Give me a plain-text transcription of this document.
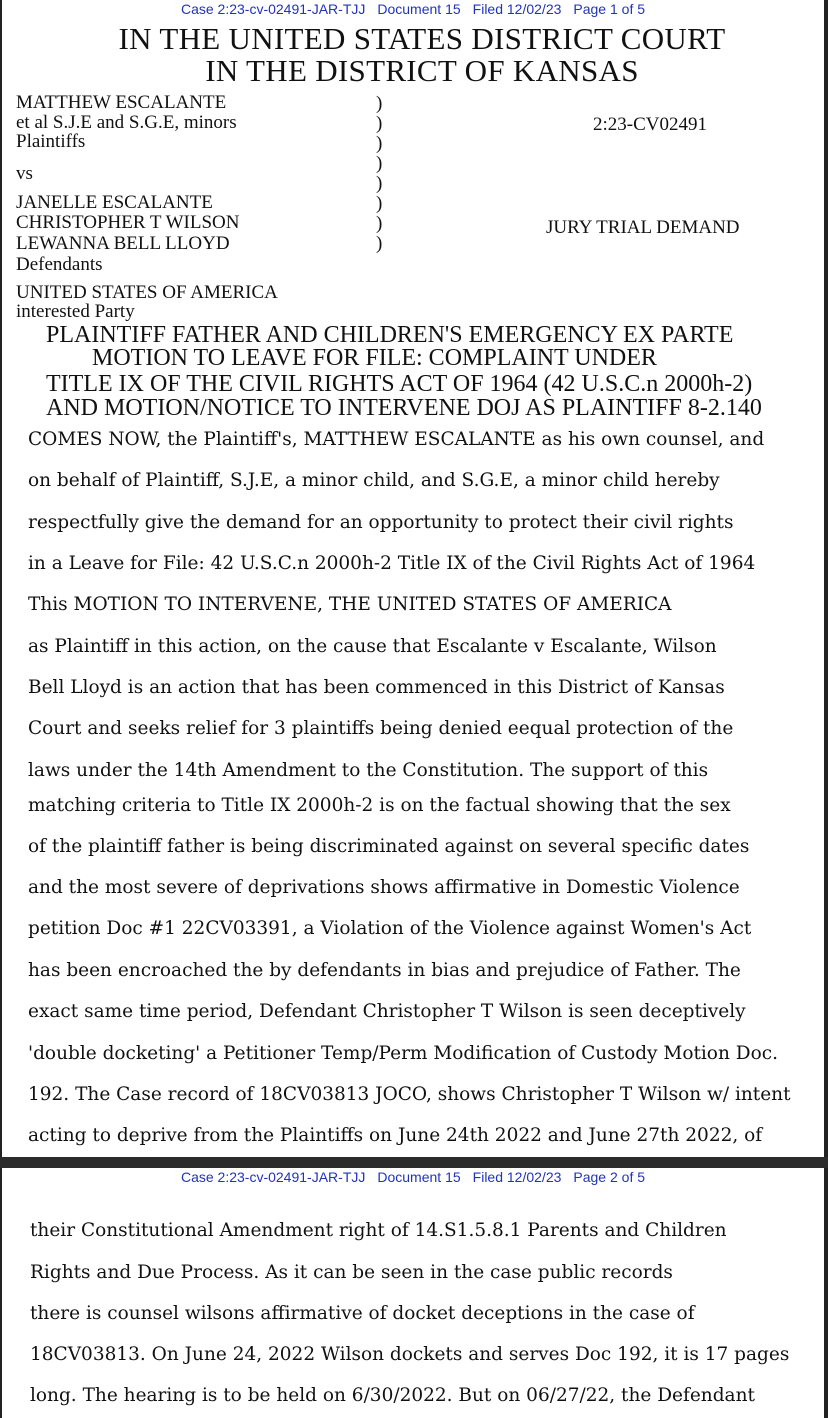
Case 2:23-cv-02491-JAR-TJJ Document 15 Filed 12/02/23 Page 1 of 5
IN THE UNITED STATES DISTRICT COURT
IN THE DISTRICT OF KANSAS
MATTHEW ESCALANTE
et al S.J.E and S.G.E, minors
Plaintiffs
vs
JANELLE ESCALANTE
CHRISTOPHER T WILSON
LEWANNA BELL LLOYD
Defendants
UNITED STATES OF AMERICA
interested Party
)
)
)
)
)
)
)
)
2:23-CV02491
JURY TRIAL DEMAND
PLAINTIFF FATHER AND CHILDREN'S EMERGENCY EX PARTE
MOTION TO LEAVE FOR FILE: COMPLAINT UNDER
TITLE IX OF THE CIVIL RIGHTS ACT OF 1964 (42 U.S.C.n 2000h-2)
AND MOTION/NOTICE TO INTERVENE DOJ AS PLAINTIFF 8-2.140
COMES NOW, the Plaintiff's, MATTHEW ESCALANTE as his own counsel, and
on behalf of Plaintiff, S.J.E, a minor child, and S.G.E, a minor child hereby
respectfully give the demand for an opportunity to protect their civil rights
in a Leave for File: 42 U.S.C.n 2000h-2 Title IX of the Civil Rights Act of 1964
This MOTION TO INTERVENE, THE UNITED STATES OF AMERICA
as Plaintiff in this action, on the cause that Escalante v Escalante, Wilson
Bell Lloyd is an action that has been commenced in this District of Kansas
Court and seeks relief for 3 plaintiffs being denied eequal protection of the
laws under the 14th Amendment to the Constitution. The support of this
matching criteria to Title IX 2000h-2 is on the factual showing that the sex
of the plaintiff father is being discriminated against on several specific dates
and the most severe of deprivations shows affirmative in Domestic Violence
petition Doc #1 22CV03391, a Violation of the Violence against Women's Act
has been encroached the by defendants in bias and prejudice of Father. The
exact same time period, Defendant Christopher T Wilson is seen deceptively
'double docketing' a Petitioner Temp/Perm Modification of Custody Motion Doc.
192. The Case record of 18CV03813 JOCO, shows Christopher T Wilson w/ intent
acting to deprive from the Plaintiffs on June 24th 2022 and June 27th 2022, of
Case 2:23-cv-02491-JAR-TJJ Document 15 Filed 12/02/23 Page 2 of 5
their Constitutional Amendment right of 14.S1.5.8.1 Parents and Children
Rights and Due Process. As it can be seen in the case public records
there is counsel wilsons affirmative of docket deceptions in the case of
18CV03813. On June 24, 2022 Wilson dockets and serves Doc 192, it is 17 pages
long. The hearing is to be held on 6/30/2022. But on 06/27/22, the Defendant
